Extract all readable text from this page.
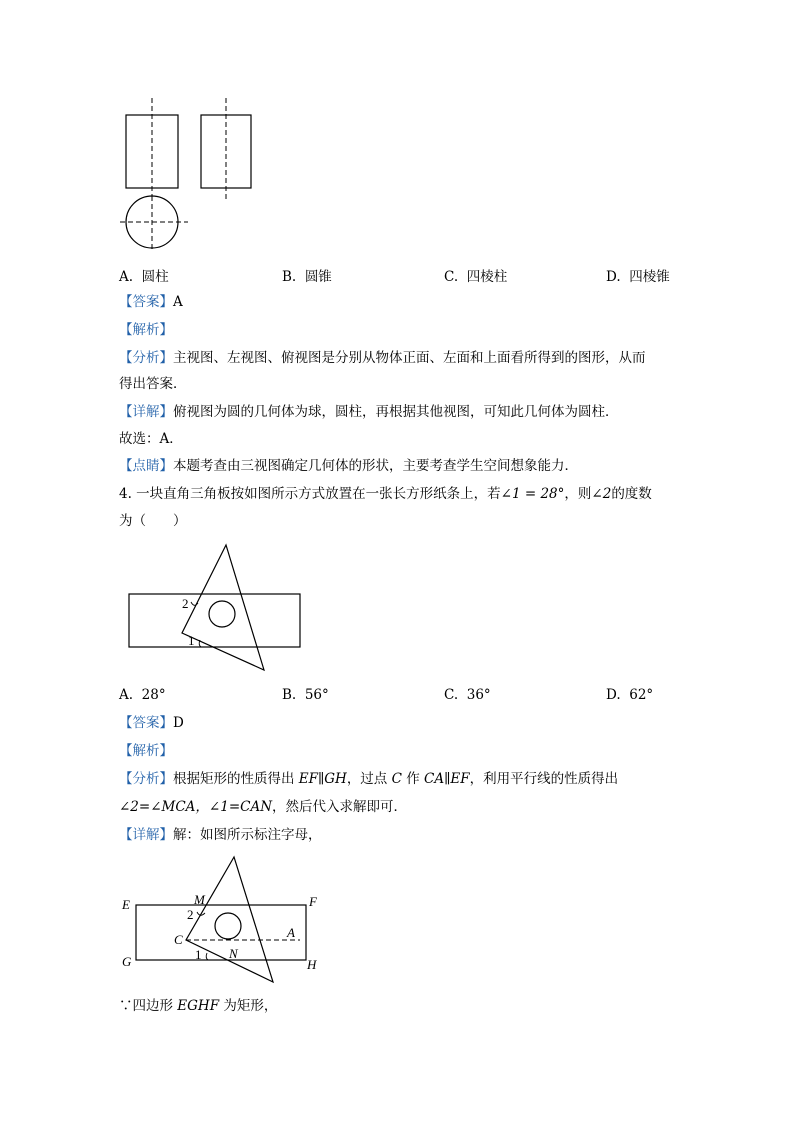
A. 圆柱	B. 圆锥	C. 四棱柱	D. 四棱锥
【答案】A
【解析】
【分析】主视图、左视图、俯视图是分别从物体正面、左面和上面看所得到的图形，从而
得出答案．
【详解】俯视图为圆的几何体为球，圆柱，再根据其他视图，可知此几何体为圆柱．
故选：A．
【点睛】本题考查由三视图确定几何体的形状，主要考查学生空间想象能力．
4. 一块直角三角板按如图所示方式放置在一张长方形纸条上，若∠1 = 28°，则∠2的度数
为（　　）
2
1
A. 28°	B. 56°	C. 36°	D. 62°
【答案】D
【解析】
【分析】根据矩形的性质得出 EF∥GH，过点 C 作 CA∥EF，利用平行线的性质得出
∠2=∠MCA，∠1=CAN，然后代入求解即可．
【详解】解：如图所示标注字母，
E	F
G	H
M
C	A
N
2
1
∵四边形 EGHF 为矩形，
